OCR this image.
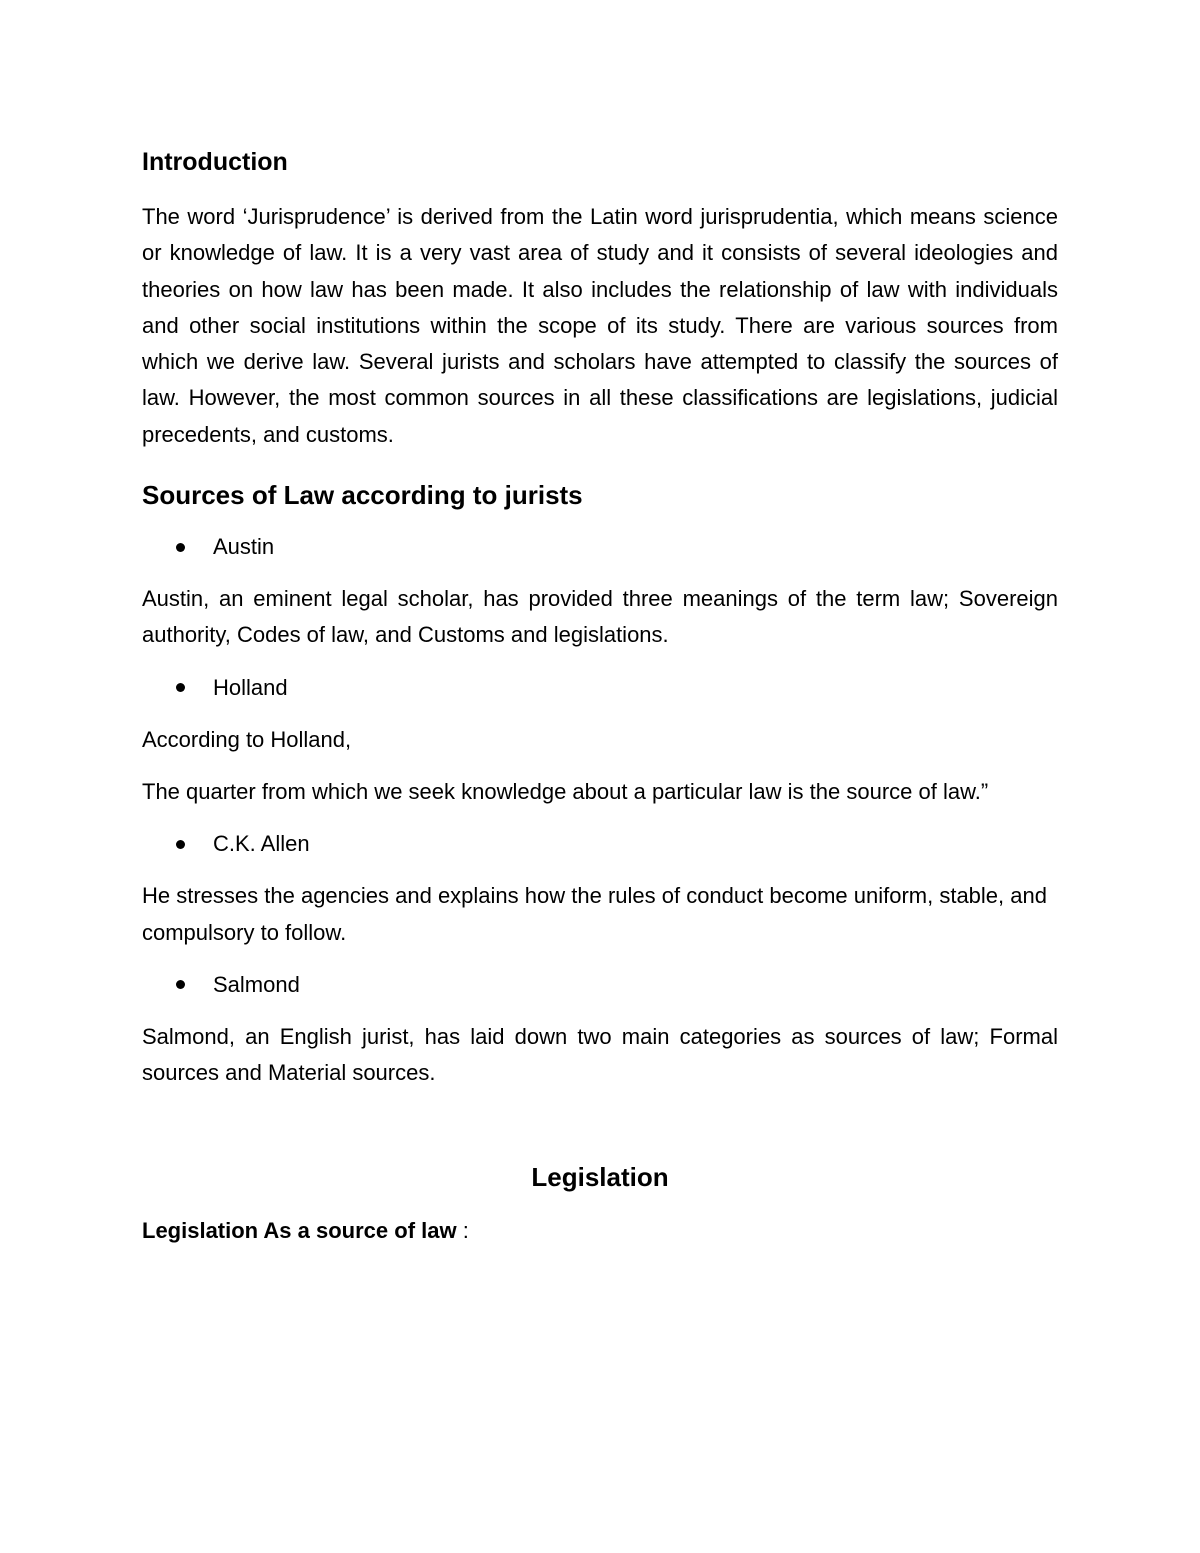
Introduction

The word ‘Jurisprudence’ is derived from the Latin word jurisprudentia, which means science or knowledge of law. It is a very vast area of study and it consists of several ideologies and theories on how law has been made. It also includes the relationship of law with individuals and other social institutions within the scope of its study. There are various sources from which we derive law. Several jurists and scholars have attempted to classify the sources of law. However, the most common sources in all these classifications are legislations, judicial precedents, and customs.

Sources of Law according to jurists
Austin

Austin, an eminent legal scholar, has provided three meanings of the term law; Sovereign authority, Codes of law, and Customs and legislations.

Holland

According to Holland,

The quarter from which we seek knowledge about a particular law is the source of law.”

C.K. Allen

He stresses the agencies and explains how the rules of conduct become uniform, stable, and compulsory to follow.

Salmond

Salmond, an English jurist, has laid down two main categories as sources of law; Formal sources and Material sources.

Legislation

Legislation As a source of law :
